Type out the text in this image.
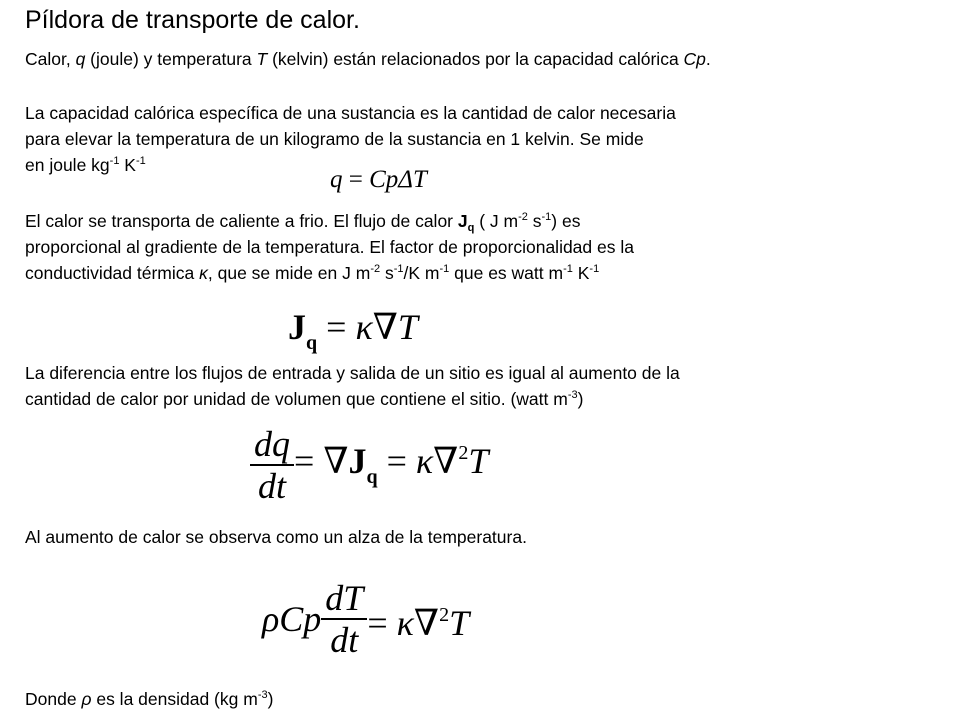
Píldora de transporte de calor.
Calor, q (joule) y temperatura T (kelvin) están relacionados por la capacidad calórica Cp.
La capacidad calórica específica de una sustancia es la cantidad de calor necesaria
para elevar la temperatura de un kilogramo de la sustancia en 1 kelvin. Se mide
en joule $kg^{-1}$ $K^{-1}$
q = CpΔT
El calor se transporta de caliente a frio. El flujo de calor $J_q$ ( J $m^{-2}$ $s^{-1}$) es
proporcional al gradiente de la temperatura. El factor de proporcionalidad es la
conductividad térmica κ, que se mide en J $m^{-2}$ $s^{-1}/K$ $m^{-1}$ que es watt $m^{-1}$ $K^{-1}$
$J_q = \kappa\nabla T$
La diferencia entre los flujos de entrada y salida de un sitio es igual al aumento de la
cantidad de calor por unidad de volumen que contiene el sitio. (watt $m^{-3}$)
$\frac{dq}{dt} = \nabla J_q = \kappa\nabla^2T$
Al aumento de calor se observa como un alza de la temperatura.
ρCp $\frac{dT}{dt} = \kappa\nabla^2T$
Donde ρ es la densidad (kg $m^{-3}$)
